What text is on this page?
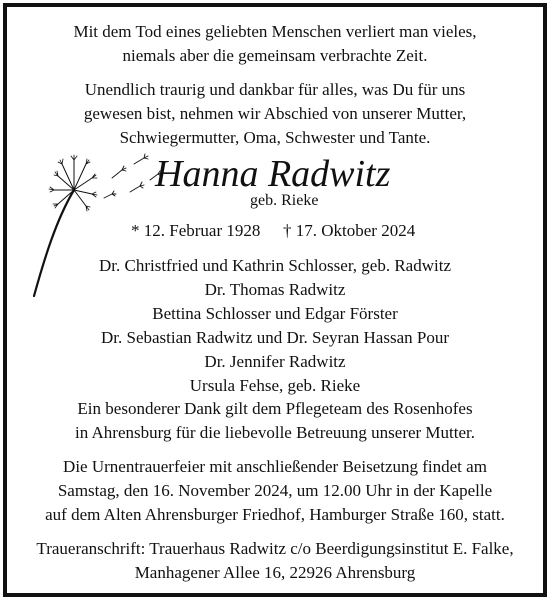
Mit dem Tod eines geliebten Menschen verliert man vieles,
niemals aber die gemeinsam verbrachte Zeit.
Unendlich traurig und dankbar für alles, was Du für uns
gewesen bist, nehmen wir Abschied von unserer Mutter,
Schwiegermutter, Oma, Schwester und Tante.
Hanna Radwitz
geb. Rieke
* 12. Februar 1928 † 17. Oktober 2024
Dr. Christfried und Kathrin Schlosser, geb. Radwitz
Dr. Thomas Radwitz
Bettina Schlosser und Edgar Förster
Dr. Sebastian Radwitz und Dr. Seyran Hassan Pour
Dr. Jennifer Radwitz
Ursula Fehse, geb. Rieke
Ein besonderer Dank gilt dem Pflegeteam des Rosenhofes
in Ahrensburg für die liebevolle Betreuung unserer Mutter.
Die Urnentrauerfeier mit anschließender Beisetzung findet am
Samstag, den 16. November 2024, um 12.00 Uhr in der Kapelle
auf dem Alten Ahrensburger Friedhof, Hamburger Straße 160, statt.
Traueranschrift: Trauerhaus Radwitz c/o Beerdigungsinstitut E. Falke,
Manhagener Allee 16, 22926 Ahrensburg
